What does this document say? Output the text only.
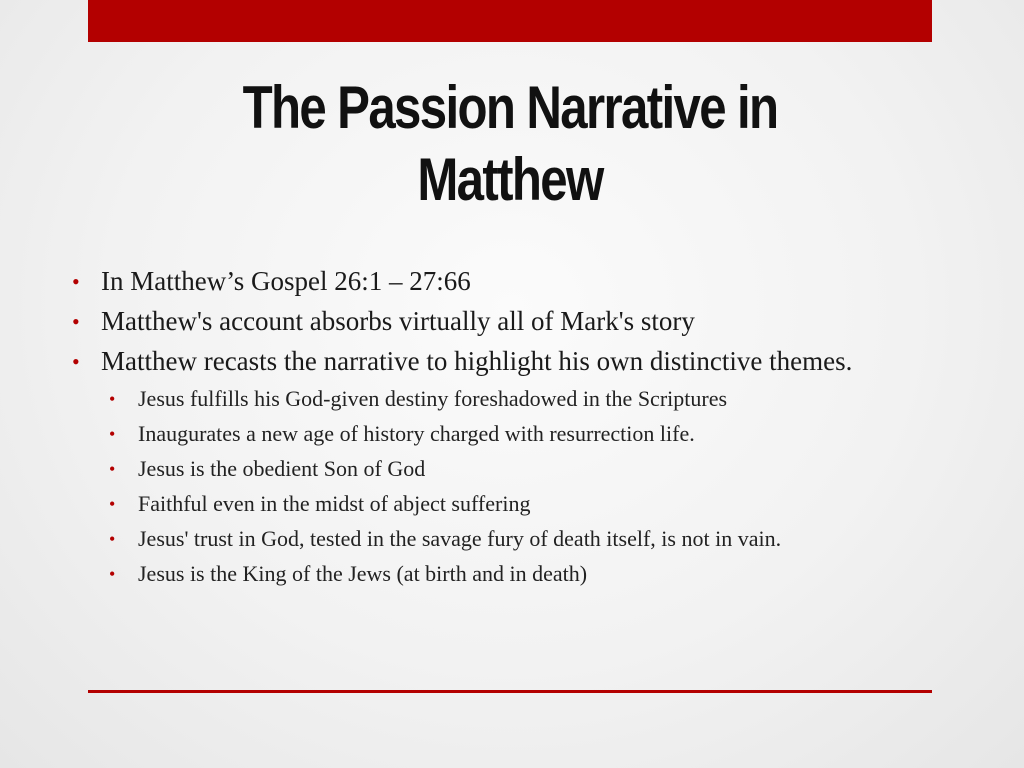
The Passion Narrative in
Matthew
• In Matthew’s Gospel 26:1 – 27:66
• Matthew's account absorbs virtually all of Mark's story
• Matthew recasts the narrative to highlight his own distinctive themes.
• Jesus fulfills his God-given destiny foreshadowed in the Scriptures
• Inaugurates a new age of history charged with resurrection life.
• Jesus is the obedient Son of God
• Faithful even in the midst of abject suffering
• Jesus' trust in God, tested in the savage fury of death itself, is not in vain.
• Jesus is the King of the Jews (at birth and in death)
